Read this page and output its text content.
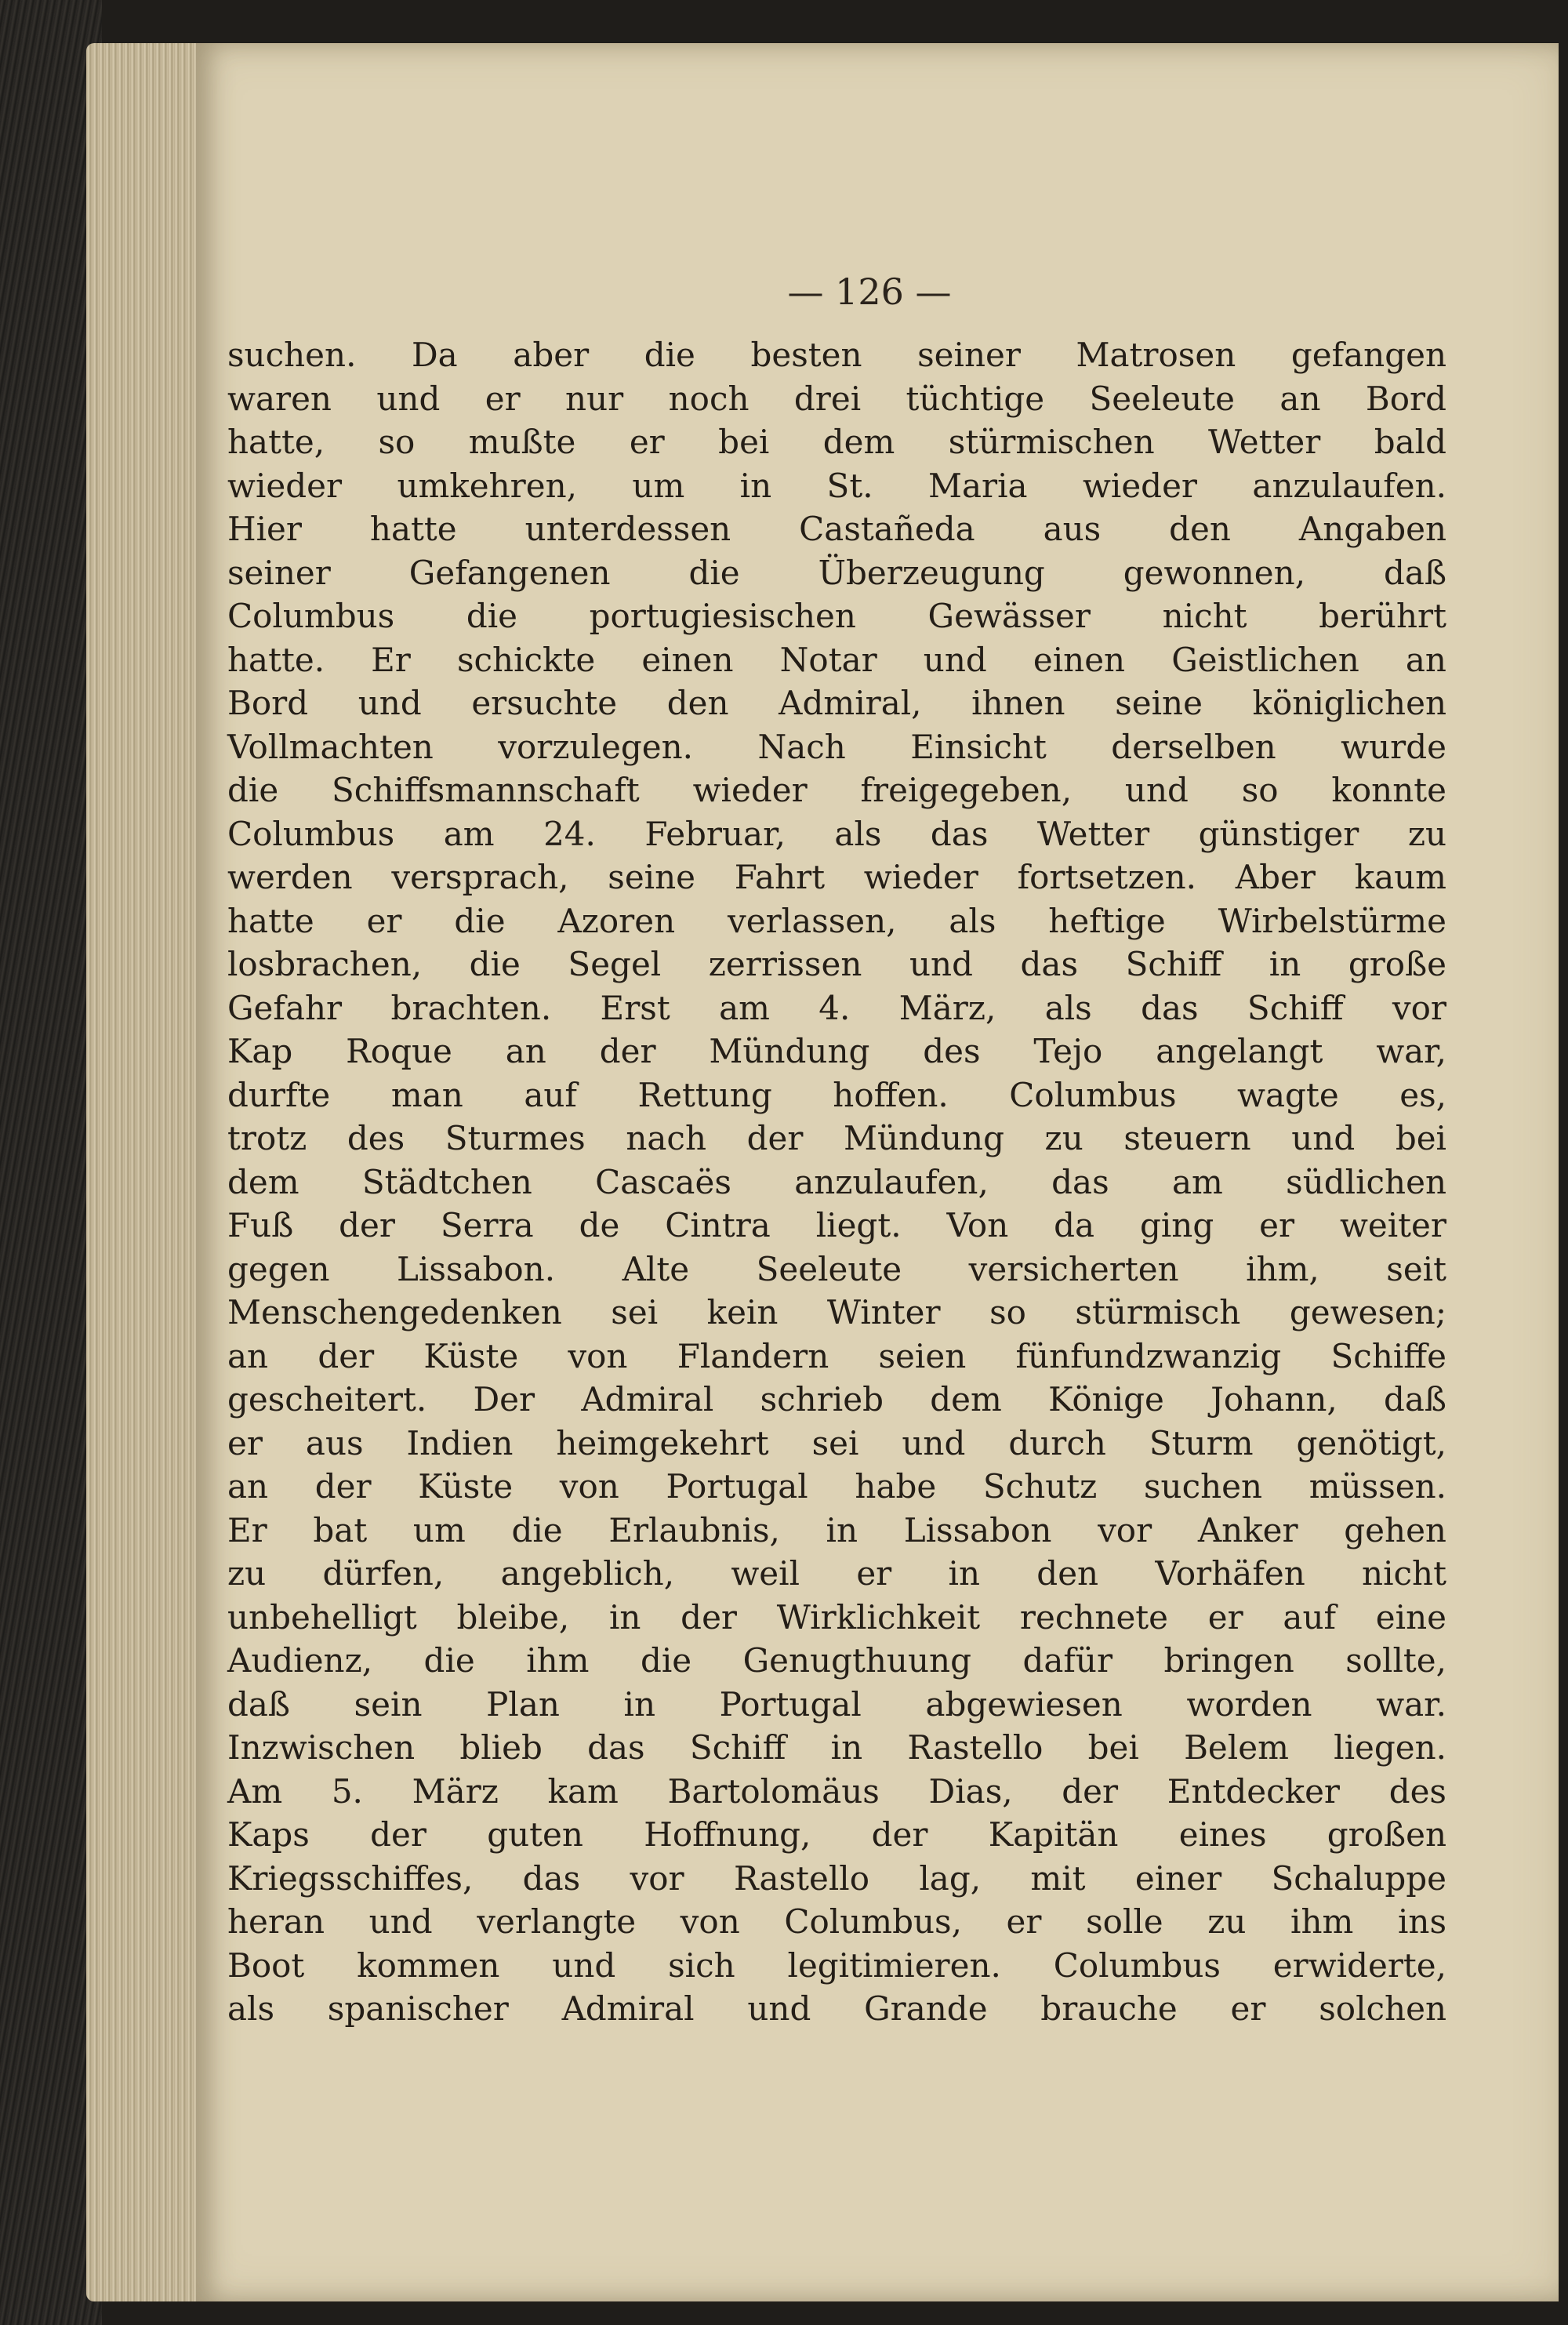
— 126 —
suchen. Da aber die besten seiner Matrosen gefangen
waren und er nur noch drei tüchtige Seeleute an Bord
hatte, so mußte er bei dem stürmischen Wetter bald
wieder umkehren, um in St. Maria wieder anzulaufen.
Hier hatte unterdessen Castañeda aus den Angaben
seiner Gefangenen die Überzeugung gewonnen, daß
Columbus die portugiesischen Gewässer nicht berührt
hatte. Er schickte einen Notar und einen Geistlichen an
Bord und ersuchte den Admiral, ihnen seine königlichen
Vollmachten vorzulegen. Nach Einsicht derselben wurde
die Schiffsmannschaft wieder freigegeben, und so konnte
Columbus am 24. Februar, als das Wetter günstiger zu
werden versprach, seine Fahrt wieder fortsetzen. Aber kaum
hatte er die Azoren verlassen, als heftige Wirbelstürme
losbrachen, die Segel zerrissen und das Schiff in große
Gefahr brachten. Erst am 4. März, als das Schiff vor
Kap Roque an der Mündung des Tejo angelangt war,
durfte man auf Rettung hoffen. Columbus wagte es,
trotz des Sturmes nach der Mündung zu steuern und bei
dem Städtchen Cascaës anzulaufen, das am südlichen
Fuß der Serra de Cintra liegt. Von da ging er weiter
gegen Lissabon. Alte Seeleute versicherten ihm, seit
Menschengedenken sei kein Winter so stürmisch gewesen;
an der Küste von Flandern seien fünfundzwanzig Schiffe
gescheitert. Der Admiral schrieb dem Könige Johann, daß
er aus Indien heimgekehrt sei und durch Sturm genötigt,
an der Küste von Portugal habe Schutz suchen müssen.
Er bat um die Erlaubnis, in Lissabon vor Anker gehen
zu dürfen, angeblich, weil er in den Vorhäfen nicht
unbehelligt bleibe, in der Wirklichkeit rechnete er auf eine
Audienz, die ihm die Genugthuung dafür bringen sollte,
daß sein Plan in Portugal abgewiesen worden war.
Inzwischen blieb das Schiff in Rastello bei Belem liegen.
Am 5. März kam Bartolomäus Dias, der Entdecker des
Kaps der guten Hoffnung, der Kapitän eines großen
Kriegsschiffes, das vor Rastello lag, mit einer Schaluppe
heran und verlangte von Columbus, er solle zu ihm ins
Boot kommen und sich legitimieren. Columbus erwiderte,
als spanischer Admiral und Grande brauche er solchen
